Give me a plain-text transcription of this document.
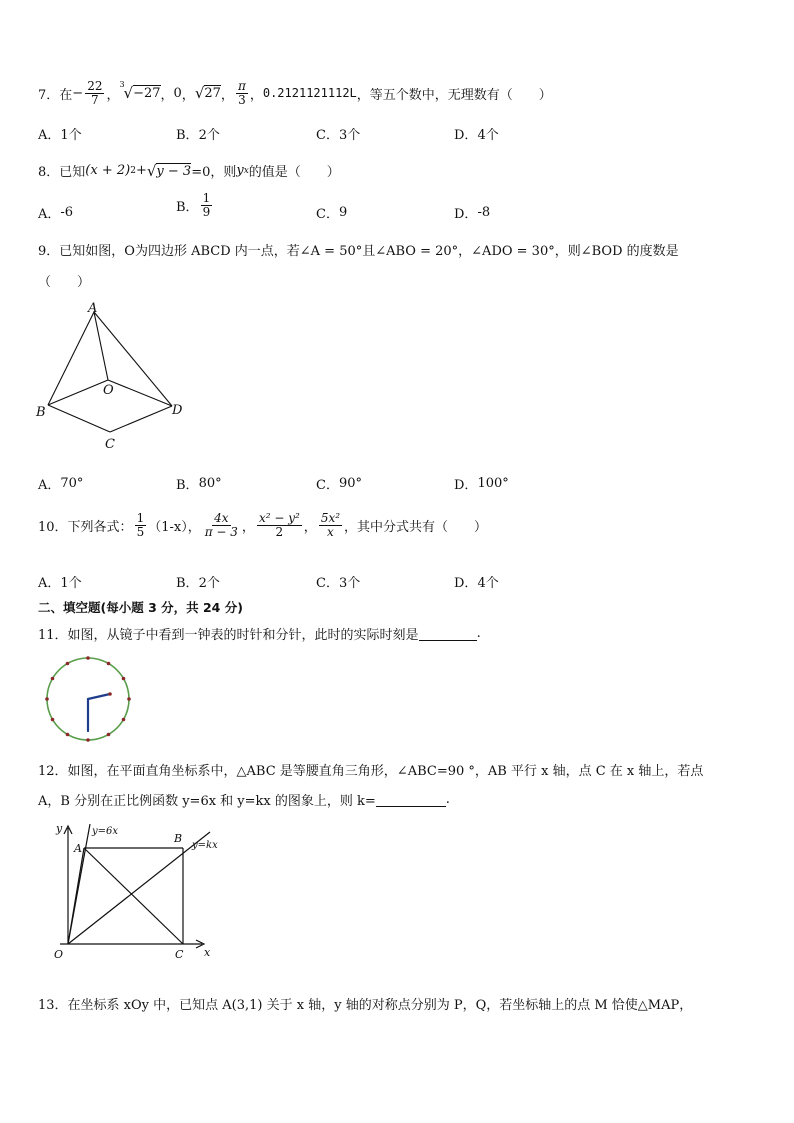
7． 在 − $\frac{22}{7}$ ，
3
√ −27 ， 0 ， √ 27 ， $\frac{\pi}{3}$ ， 0.2121121112L ，等五个数中，无理数有（　　）
A． 1个	B． 2个	C． 3个	D． 4个
8． 已知 (x + 2) 2 + √ y − 3 =0，则 y x 的值是（　　）
A． -6	B． $\frac{1}{9}$	C． 9	D． -8
9． 已知如图，O为四边形 ABCD 内一点，若∠A = 50°且∠ABO = 20°，∠ADO = 30°，则∠BOD 的度数是
（　　）
A
B
C
D
O
A． 70°	B． 80°	C． 90°	D． 100°
10． 下列各式： $\frac{1}{5} (1-x)$， $\frac{4x}{\pi - 3}$ ， $\frac{\text{x² − y²}}{2}$ ， $\frac{\text{5x²}}{x}$ ，其中分式共有（　　）
A． 1个	B． 2个	C． 3个	D． 4个
二、填空题(每小题 3 分，共 24 分)
11． 如图，从镜子中看到一钟表的时针和分针，此时的实际时刻是	.
12． 如图，在平面直角坐标系中，△ABC 是等腰直角三角形，∠ABC=90 °，AB 平行 x 轴，点 C 在 x 轴上，若点
A，B 分别在正比例函数 y=6x 和 y=kx 的图象上，则 k=	.
y	y=6x
A
B
y=kx
O	C x
13． 在坐标系 xOy 中，已知点 A(3,1) 关于 x 轴，y 轴的对称点分别为 P，Q，若坐标轴上的点 M 恰使△MAP，
